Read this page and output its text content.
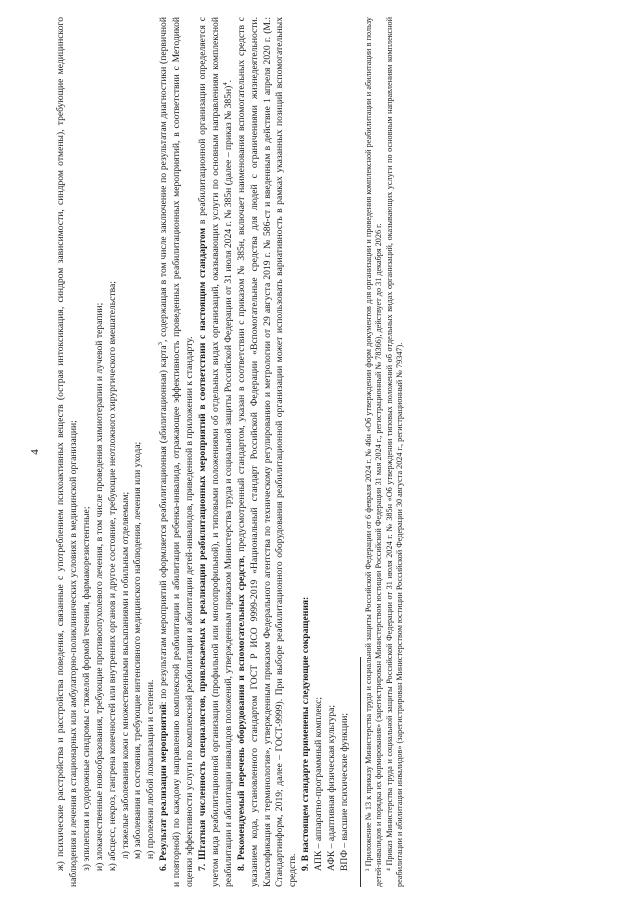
4 ж) психические расстройства и расстройства поведения, связанные с употреблением психоактивных веществ (острая интоксикация, синдром зависимости, синдром отмены), требующие медицинского наблюдения и лечения в стационарных или амбулаторно-поликлинических условиях в медицинской организации; з) эпилепсия и судорожные синдромы с тяжелой формой течения, фармакорезистентные; и) злокачественные новообразования, требующие противоопухолевого лечения, в том числе проведения химиотерапии и лучевой терапии; к) абсцесс, некроз, гангрена конечностей или внутренних органов и другое состояние, требующие неотложного хирургического вмешательства; л) тяжелые заболевания кожи с множественными высыпаниями и обильным отделяемым; м) заболевания и состояния, требующие интенсивного медицинского наблюдения, лечения или ухода; н) пролежни любой локализации и степени. 6. Результат реализации мероприятий: по результатам мероприятий оформляется реабилитационная (абилитационная) карта$^3$, содержащая в том числе заключение по результатам диагностики (первичной и повторной) по каждому направлению комплексной реабилитации и абилитации ребенка-инвалида, отражающее эффективность проведенных реабилитационных мероприятий, в соответствии с Методикой оценки эффективности услуги по комплексной реабилитации и абилитации детей-инвалидов, приведенной в приложении к стандарту. 7. Штатная численность специалистов, привлекаемых к реализации реабилитационных мероприятий в соответствии с настоящим стандартом в реабилитационной организации определяется с учетом вида реабилитационной организации (профильной или многопрофильной), и типовыми положениями об отдельных видах организаций, оказывающих услуги по основным направлениям комплексной реабилитации и абилитации инвалидов положений, утвержденным приказом Министерства труда и социальной защиты Российской Федерации от 31 июля 2024 г. № 385н (далее – приказ № 385н)$^4$.

8. Рекомендуемый перечень оборудования и вспомогательных средств, предусмотренный стандартом, указан в соответствии с приказом № 385н, включает наименования вспомогательных средств с указанием кода, установленного стандартом ГОСТ Р ИСО 9999-2019 «Национальный стандарт Российской Федерации «Вспомогательные средства для людей с ограничениями жизнедеятельности. Классификация и терминология», утвержденным приказом Федерального агентства по техническому регулированию и метрологии от 29 августа 2019 г. № 586-ст и введенным в действие 1 апреля 2020 г. (М.: Стандартинформ, 2019; далее – ГОСТ-9999). При выборе реабилитационного оборудования реабилитационной организации может использовать вариативность в рамках указанных позиций вспомогательных средств. 9. В настоящем стандарте применены следующие сокращения:

АПК – аппаратно-программный комплекс; АФК – адаптивная физическая культура; ВПФ – высшие психические функции; ³ Приложение № 13 к приказу Министерства труда и социальной защиты Российской Федерации от 6 февраля 2024 г. № 46н «Об утверждении форм документов для организации и проведения комплексной реабилитации и абилитации в пользу детей-инвалидов и порядка их формирования» (зарегистрирован Министерством юстиции Российской Федерации 31 мая 2024 г., регистрационный № 78366), действует до 31 декабря 2026 г. ⁴ Приказ Министерства труда и социальной защиты Российской Федерации от 31 июля 2024 г. № 385н «Об утверждении типовых положений об отдельных видах организаций, оказывающих услуги по основным направлениям комплексной реабилитации и абилитации инвалидов» (зарегистрирован Министерством юстиции Российской Федерации 30 августа 2024 г., регистрационный № 79347).
